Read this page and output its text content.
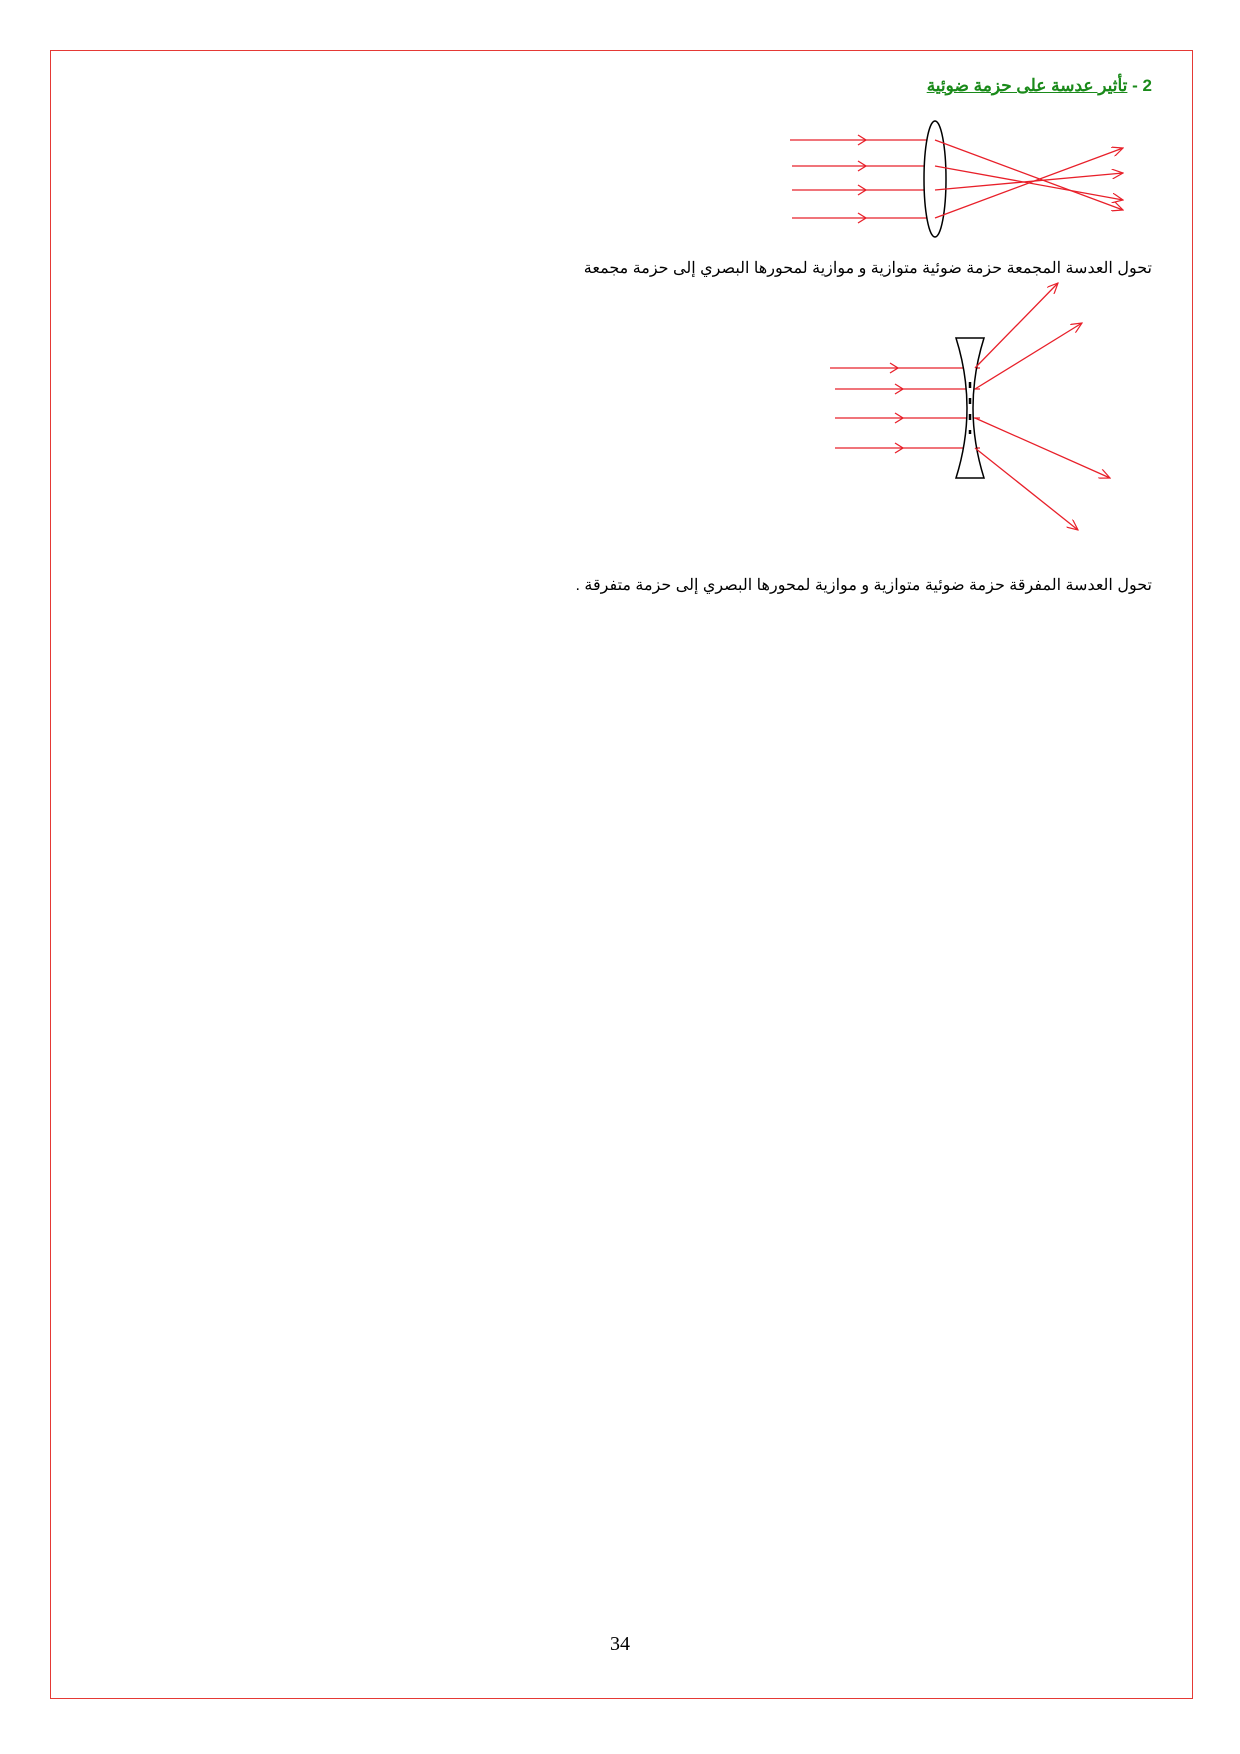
2 - تأثير عدسة على حزمة ضوئية
تحول العدسة المجمعة حزمة ضوئية متوازية و موازية لمحورها البصري إلى حزمة مجمعة
تحول العدسة المفرقة حزمة ضوئية متوازية و موازية لمحورها البصري إلى حزمة متفرقة .
34
